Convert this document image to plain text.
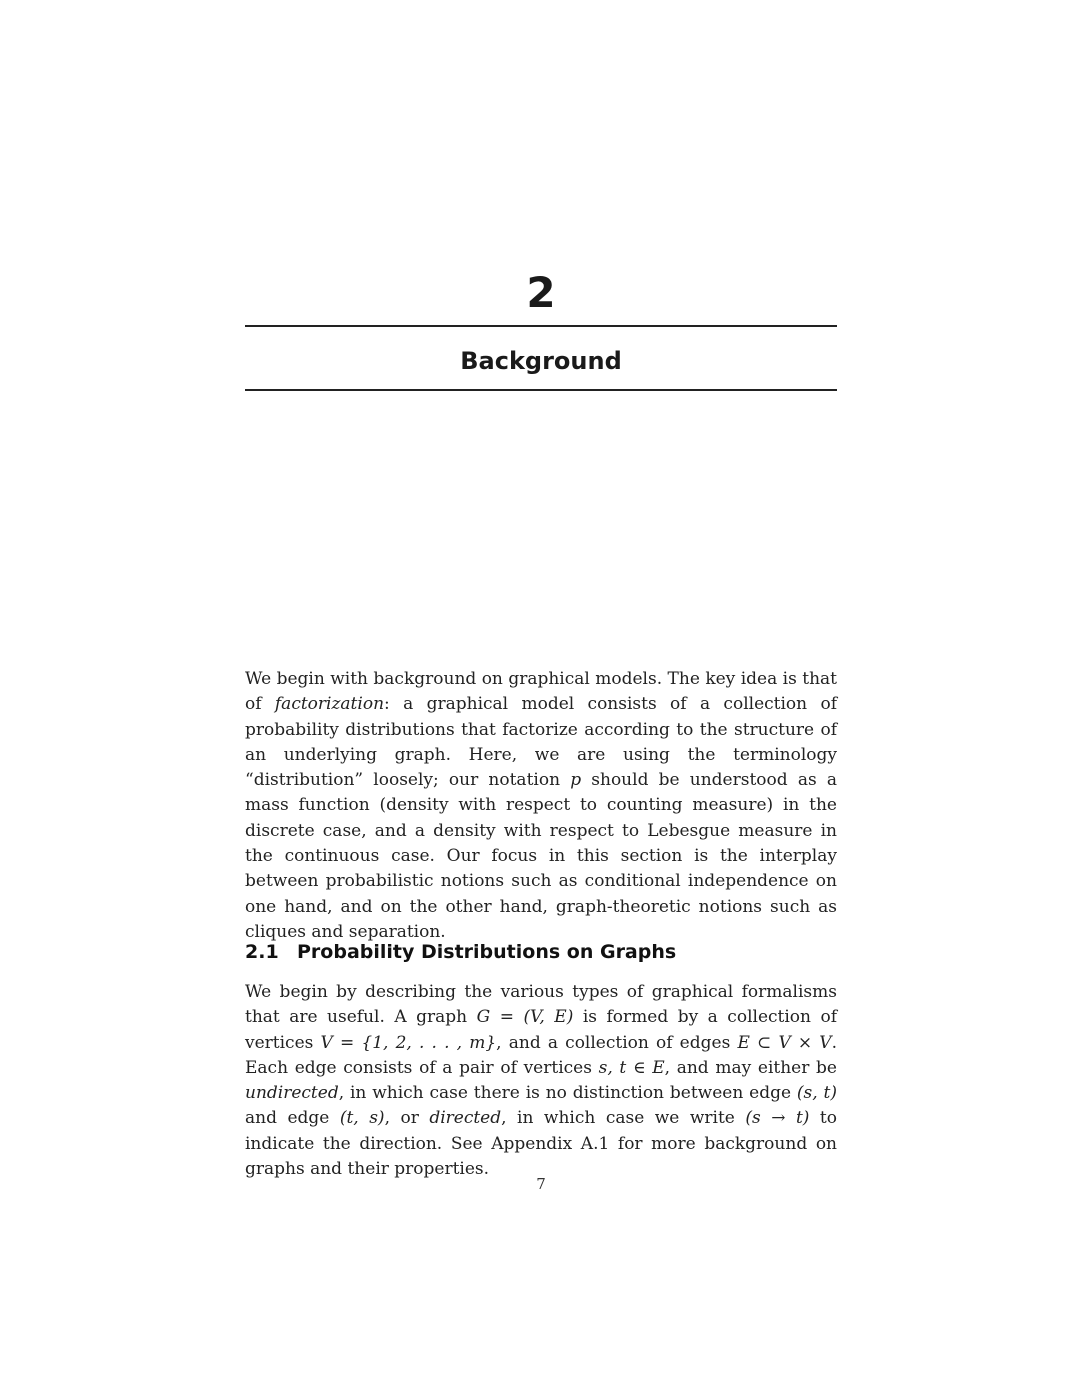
2
Background

We begin with background on graphical models. The key idea is that of factorization: a graphical model consists of a collection of probability distributions that factorize according to the structure of an underlying graph. Here, we are using the terminology “distribution” loosely; our notation p should be understood as a mass function (density with respect to counting measure) in the discrete case, and a density with respect to Lebesgue measure in the continuous case. Our focus in this section is the interplay between probabilistic notions such as conditional independence on one hand, and on the other hand, graph-theoretic notions such as cliques and separation.

2.1 Probability Distributions on Graphs

We begin by describing the various types of graphical formalisms that are useful. A graph G = (V, E) is formed by a collection of vertices V = {1, 2, . . . , m}, and a collection of edges E ⊂ V × V. Each edge consists of a pair of vertices s, t ∈ E, and may either be undirected, in which case there is no distinction between edge (s, t) and edge (t, s), or directed, in which case we write (s → t) to indicate the direction. See Appendix A.1 for more background on graphs and their properties.

7
